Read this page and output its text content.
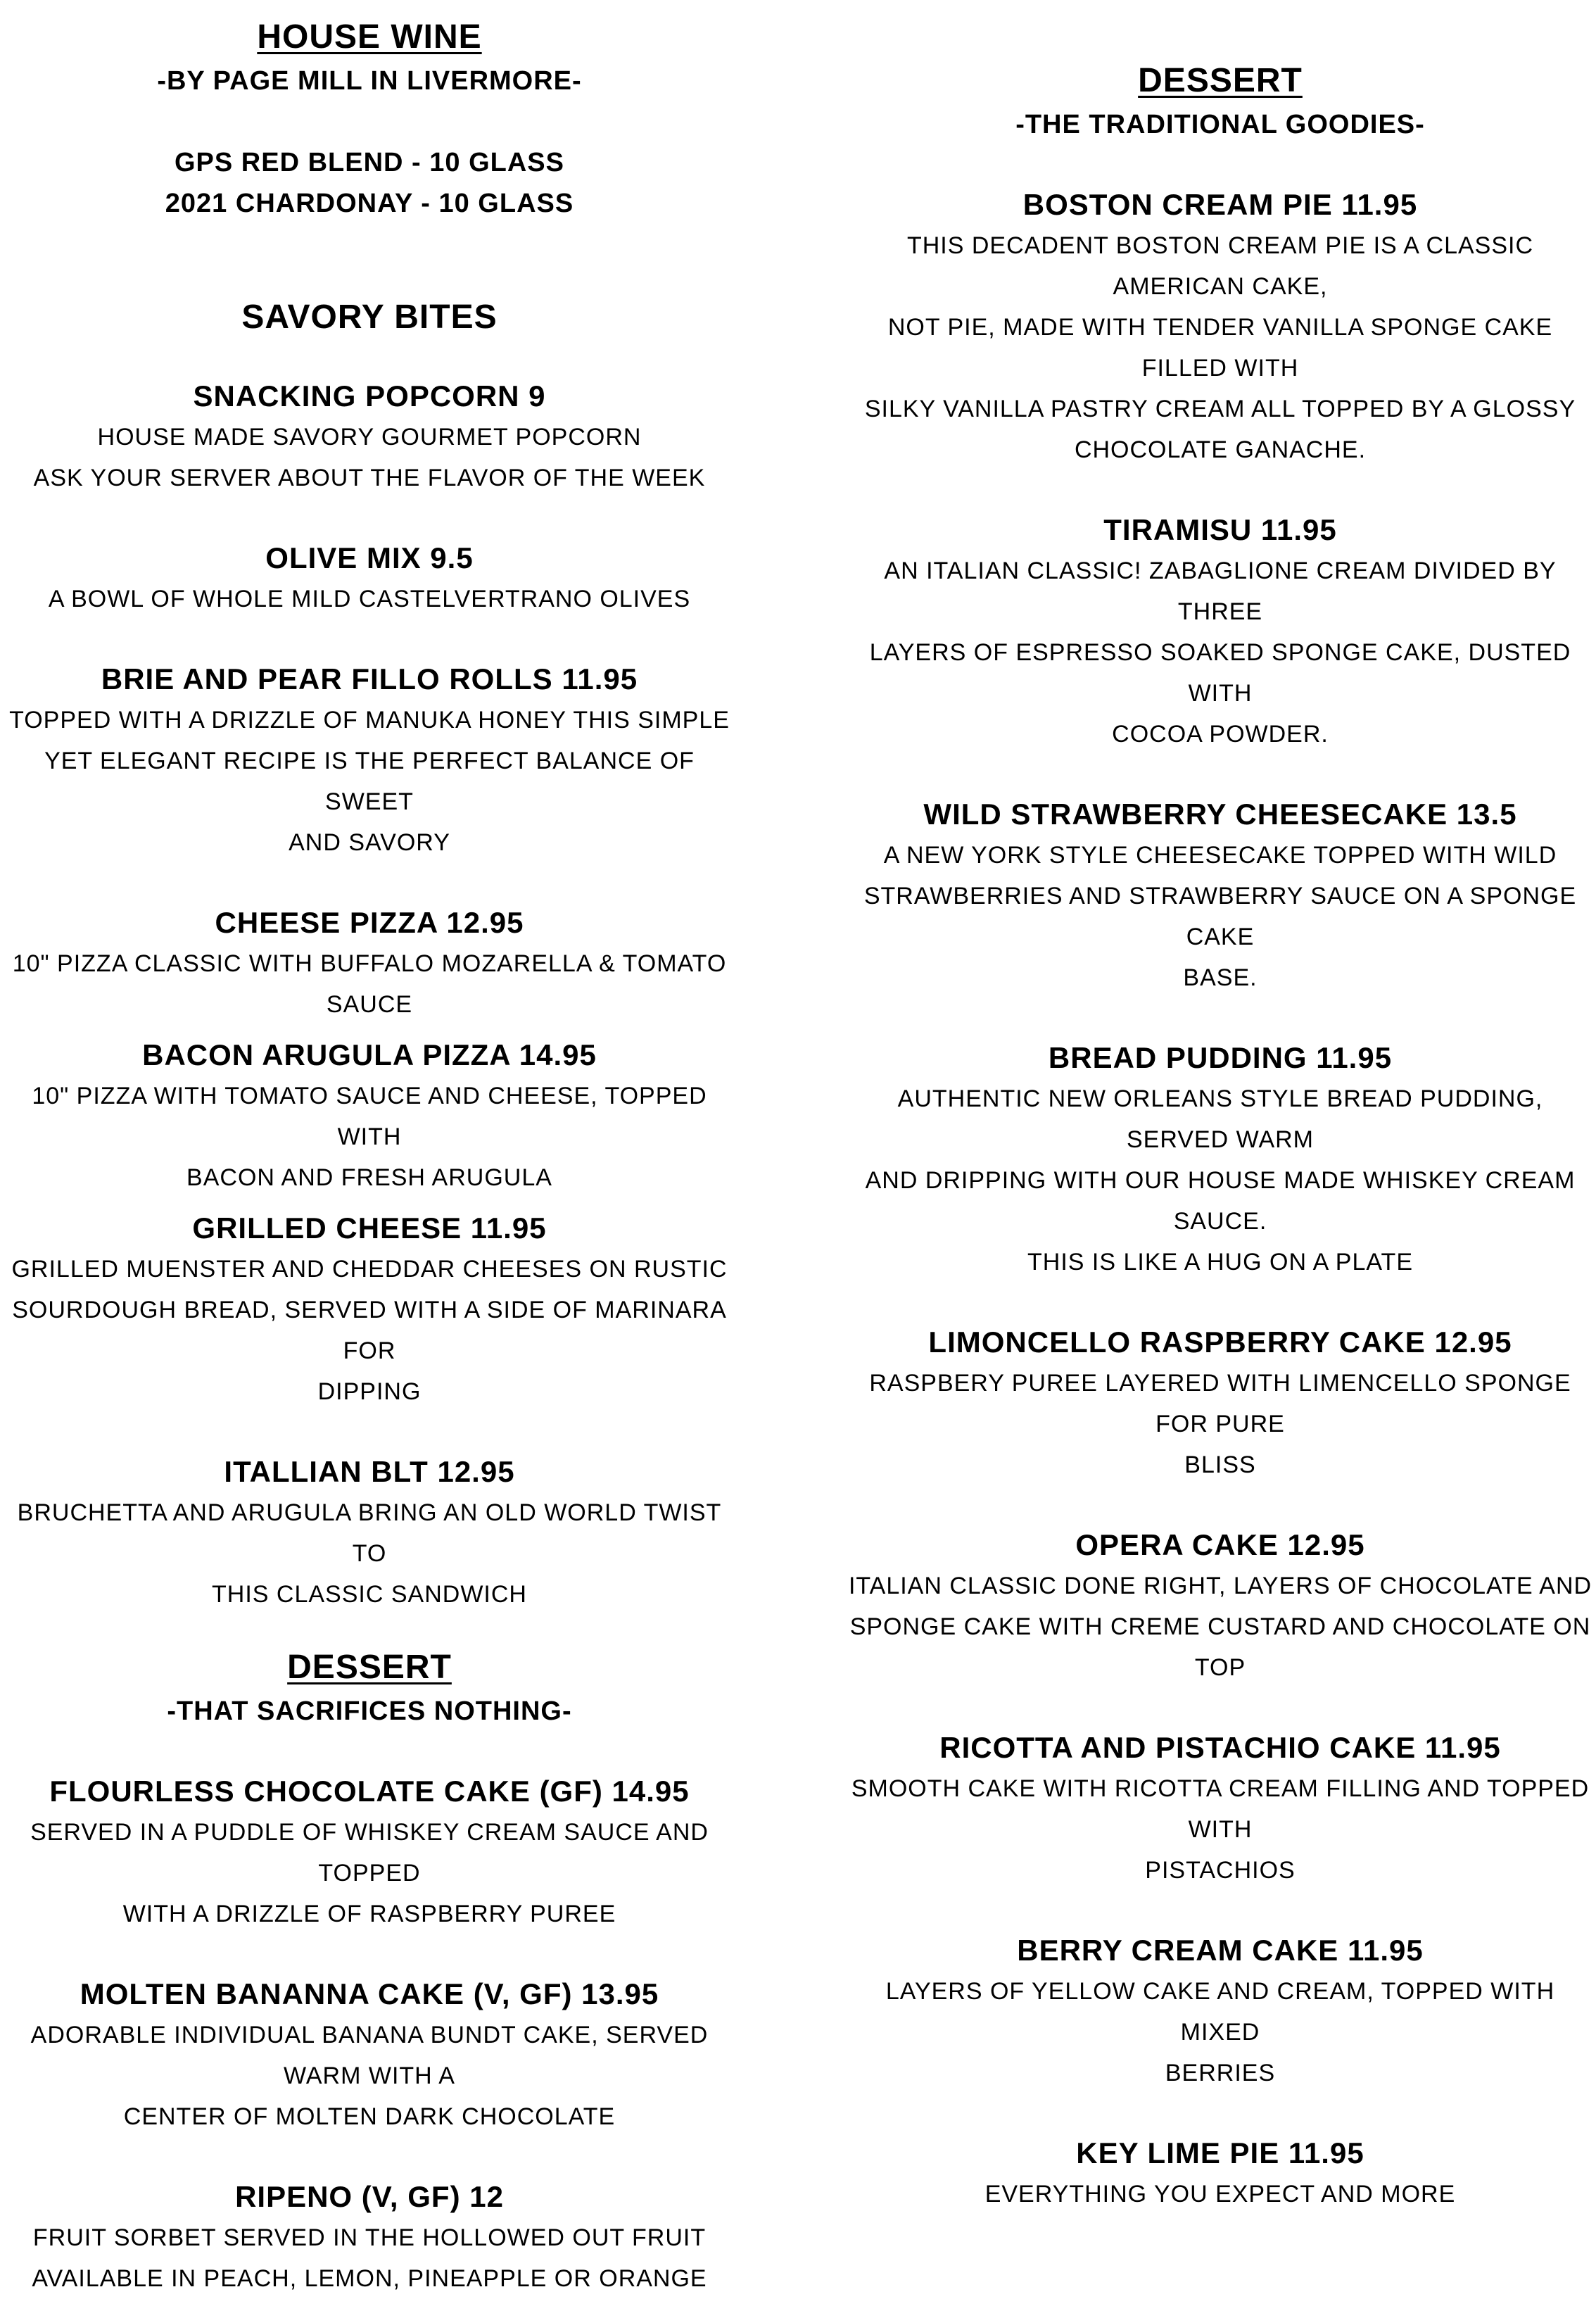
HOUSE WINE
-BY PAGE MILL IN LIVERMORE-
GPS RED BLEND - 10 GLASS
2021 CHARDONAY - 10 GLASS
SAVORY BITES
SNACKING POPCORN 9
HOUSE MADE SAVORY GOURMET POPCORN
ASK YOUR SERVER ABOUT THE FLAVOR OF THE WEEK
OLIVE MIX 9.5
A BOWL OF WHOLE MILD CASTELVERTRANO OLIVES
BRIE AND PEAR FILLO ROLLS 11.95
TOPPED WITH A DRIZZLE OF MANUKA HONEY THIS SIMPLE
YET ELEGANT RECIPE IS THE PERFECT BALANCE OF SWEET
AND SAVORY
CHEESE PIZZA 12.95
10" PIZZA CLASSIC WITH BUFFALO MOZARELLA & TOMATO
SAUCE
BACON ARUGULA PIZZA 14.95
10" PIZZA WITH TOMATO SAUCE AND CHEESE, TOPPED WITH
BACON AND FRESH ARUGULA
GRILLED CHEESE 11.95
GRILLED MUENSTER AND CHEDDAR CHEESES ON RUSTIC
SOURDOUGH BREAD, SERVED WITH A SIDE OF MARINARA FOR
DIPPING
ITALLIAN BLT 12.95
BRUCHETTA AND ARUGULA BRING AN OLD WORLD TWIST TO
THIS CLASSIC SANDWICH
DESSERT
-THAT SACRIFICES NOTHING-
FLOURLESS CHOCOLATE CAKE (GF) 14.95
SERVED IN A PUDDLE OF WHISKEY CREAM SAUCE AND TOPPED
WITH A DRIZZLE OF RASPBERRY PUREE
MOLTEN BANANNA CAKE (V, GF) 13.95
ADORABLE INDIVIDUAL BANANA BUNDT CAKE, SERVED WARM WITH A
CENTER OF MOLTEN DARK CHOCOLATE
RIPENO (V, GF) 12
FRUIT SORBET SERVED IN THE HOLLOWED OUT FRUIT
AVAILABLE IN PEACH, LEMON, PINEAPPLE OR ORANGE
DESSERT
-THE TRADITIONAL GOODIES-
BOSTON CREAM PIE 11.95
THIS DECADENT BOSTON CREAM PIE IS A CLASSIC AMERICAN CAKE,
NOT PIE, MADE WITH TENDER VANILLA SPONGE CAKE FILLED WITH
SILKY VANILLA PASTRY CREAM ALL TOPPED BY A GLOSSY
CHOCOLATE GANACHE.
TIRAMISU 11.95
AN ITALIAN CLASSIC! ZABAGLIONE CREAM DIVIDED BY THREE
LAYERS OF ESPRESSO SOAKED SPONGE CAKE, DUSTED WITH
COCOA POWDER.
WILD STRAWBERRY CHEESECAKE 13.5
A NEW YORK STYLE CHEESECAKE TOPPED WITH WILD
STRAWBERRIES AND STRAWBERRY SAUCE ON A SPONGE CAKE
BASE.
BREAD PUDDING 11.95
AUTHENTIC NEW ORLEANS STYLE BREAD PUDDING, SERVED WARM
AND DRIPPING WITH OUR HOUSE MADE WHISKEY CREAM SAUCE.
THIS IS LIKE A HUG ON A PLATE
LIMONCELLO RASPBERRY CAKE 12.95
RASPBERY PUREE LAYERED WITH LIMENCELLO SPONGE FOR PURE
BLISS
OPERA CAKE 12.95
ITALIAN CLASSIC DONE RIGHT, LAYERS OF CHOCOLATE AND
SPONGE CAKE WITH CREME CUSTARD AND CHOCOLATE ON TOP
RICOTTA AND PISTACHIO CAKE 11.95
SMOOTH CAKE WITH RICOTTA CREAM FILLING AND TOPPED WITH
PISTACHIOS
BERRY CREAM CAKE 11.95
LAYERS OF YELLOW CAKE AND CREAM, TOPPED WITH MIXED
BERRIES
KEY LIME PIE 11.95
EVERYTHING YOU EXPECT AND MORE
